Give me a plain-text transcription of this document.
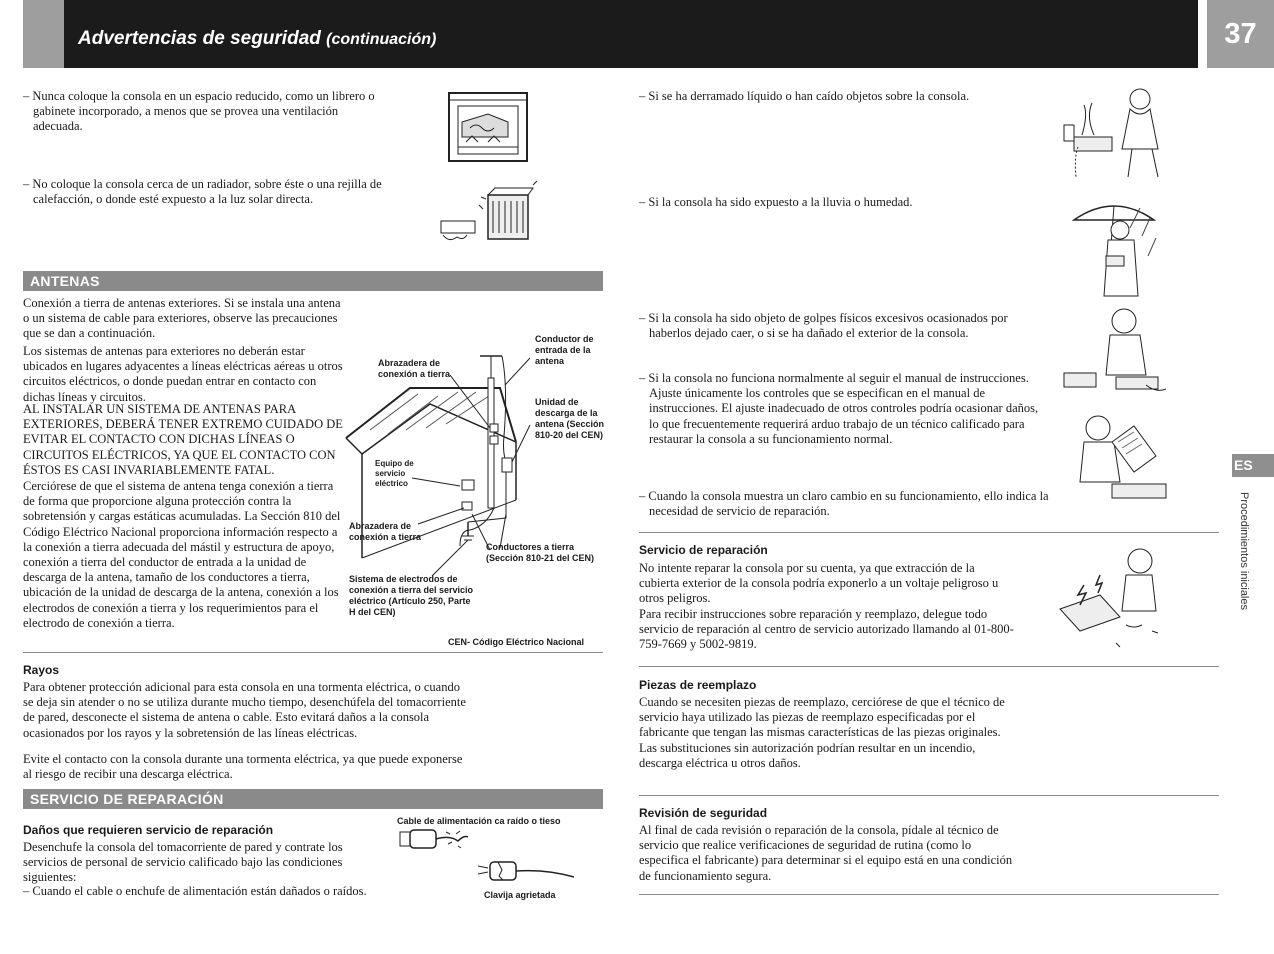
Advertencias de seguridad (continuación)	37
ES
Procedimientos iniciales

– Nunca coloque la consola en un espacio reducido, como un librero o gabinete incorporado, a menos que se provea una ventilación adecuada.

– No coloque la consola cerca de un radiador, sobre éste o una rejilla de calefacción, o donde esté expuesto a la luz solar directa.

ANTENAS

Conexión a tierra de antenas exteriores. Si se instala una antena o un sistema de cable para exteriores, observe las precauciones que se dan a continuación.

Los sistemas de antenas para exteriores no deberán estar ubicados en lugares adyacentes a líneas eléctricas aéreas u otros circuitos eléctricos, o donde puedan entrar en contacto con dichas líneas y circuitos.

AL INSTALAR UN SISTEMA DE ANTENAS PARA EXTERIORES, DEBERÁ TENER EXTREMO CUIDADO DE EVITAR EL CONTACTO CON DICHAS LÍNEAS O CIRCUITOS ELÉCTRICOS, YA QUE EL CONTACTO CON ÉSTOS ES CASI INVARIABLEMENTE FATAL.

Cerciórese de que el sistema de antena tenga conexión a tierra de forma que proporcione alguna protección contra la sobretensión y cargas estáticas acumuladas. La Sección 810 del Código Eléctrico Nacional proporciona información respecto a la conexión a tierra adecuada del mástil y estructura de apoyo, conexión a tierra del conductor de entrada a la unidad de descarga de la antena, tamaño de los conductores a tierra, ubicación de la unidad de descarga de la antena, conexión a los electrodos de conexión a tierra y los requerimientos para el electrodo de conexión a tierra.

Conductor de entrada de la antena
Abrazadera de conexión a tierra
Unidad de descarga de la antena (Sección 810-20 del CEN)
Equipo de servicio eléctrico
Abrazadera de conexión a tierra
Conductores a tierra (Sección 810-21 del CEN)
Sistema de electrodos de conexión a tierra del servicio eléctrico (Artículo 250, Parte H del CEN)
CEN- Código Eléctrico Nacional
Rayos

Para obtener protección adicional para esta consola en una tormenta eléctrica, o cuando se deja sin atender o no se utiliza durante mucho tiempo, desenchúfela del tomacorriente de pared, desconecte el sistema de antena o cable. Esto evitará daños a la consola ocasionados por los rayos y la sobretensión de las líneas eléctricas.

Evite el contacto con la consola durante una tormenta eléctrica, ya que puede exponerse al riesgo de recibir una descarga eléctrica.

SERVICIO DE REPARACIÓN
Daños que requieren servicio de reparación

Desenchufe la consola del tomacorriente de pared y contrate los servicios de personal de servicio calificado bajo las condiciones siguientes:

– Cuando el cable o enchufe de alimentación están dañados o raídos.

Cable de alimentación ca raído o tieso
Clavija agrietada

– Si se ha derramado líquido o han caído objetos sobre la consola.

– Si la consola ha sido expuesto a la lluvia o humedad.

– Si la consola ha sido objeto de golpes físicos excesivos ocasionados por haberlos dejado caer, o si se ha dañado el exterior de la consola.

– Si la consola no funciona normalmente al seguir el manual de instrucciones. Ajuste únicamente los controles que se especifican en el manual de instrucciones. El ajuste inadecuado de otros controles podría ocasionar daños, lo que frecuentemente requerirá arduo trabajo de un técnico calificado para restaurar la consola a su funcionamiento normal.

– Cuando la consola muestra un claro cambio en su funcionamiento, ello indica la necesidad de servicio de reparación.

Servicio de reparación

No intente reparar la consola por su cuenta, ya que extracción de la cubierta exterior de la consola podría exponerlo a un voltaje peligroso u otros peligros.

Para recibir instrucciones sobre reparación y reemplazo, delegue todo servicio de reparación al centro de servicio autorizado llamando al 01-800-759-7669 y 5002-9819.

Piezas de reemplazo

Cuando se necesiten piezas de reemplazo, cerciórese de que el técnico de servicio haya utilizado las piezas de reemplazo especificadas por el fabricante que tengan las mismas características de las piezas originales. Las substituciones sin autorización podrían resultar en un incendio, descarga eléctrica u otros daños.

Revisión de seguridad

Al final de cada revisión o reparación de la consola, pídale al técnico de servicio que realice verificaciones de seguridad de rutina (como lo especifica el fabricante) para determinar si el equipo está en una condición de funcionamiento segura.
